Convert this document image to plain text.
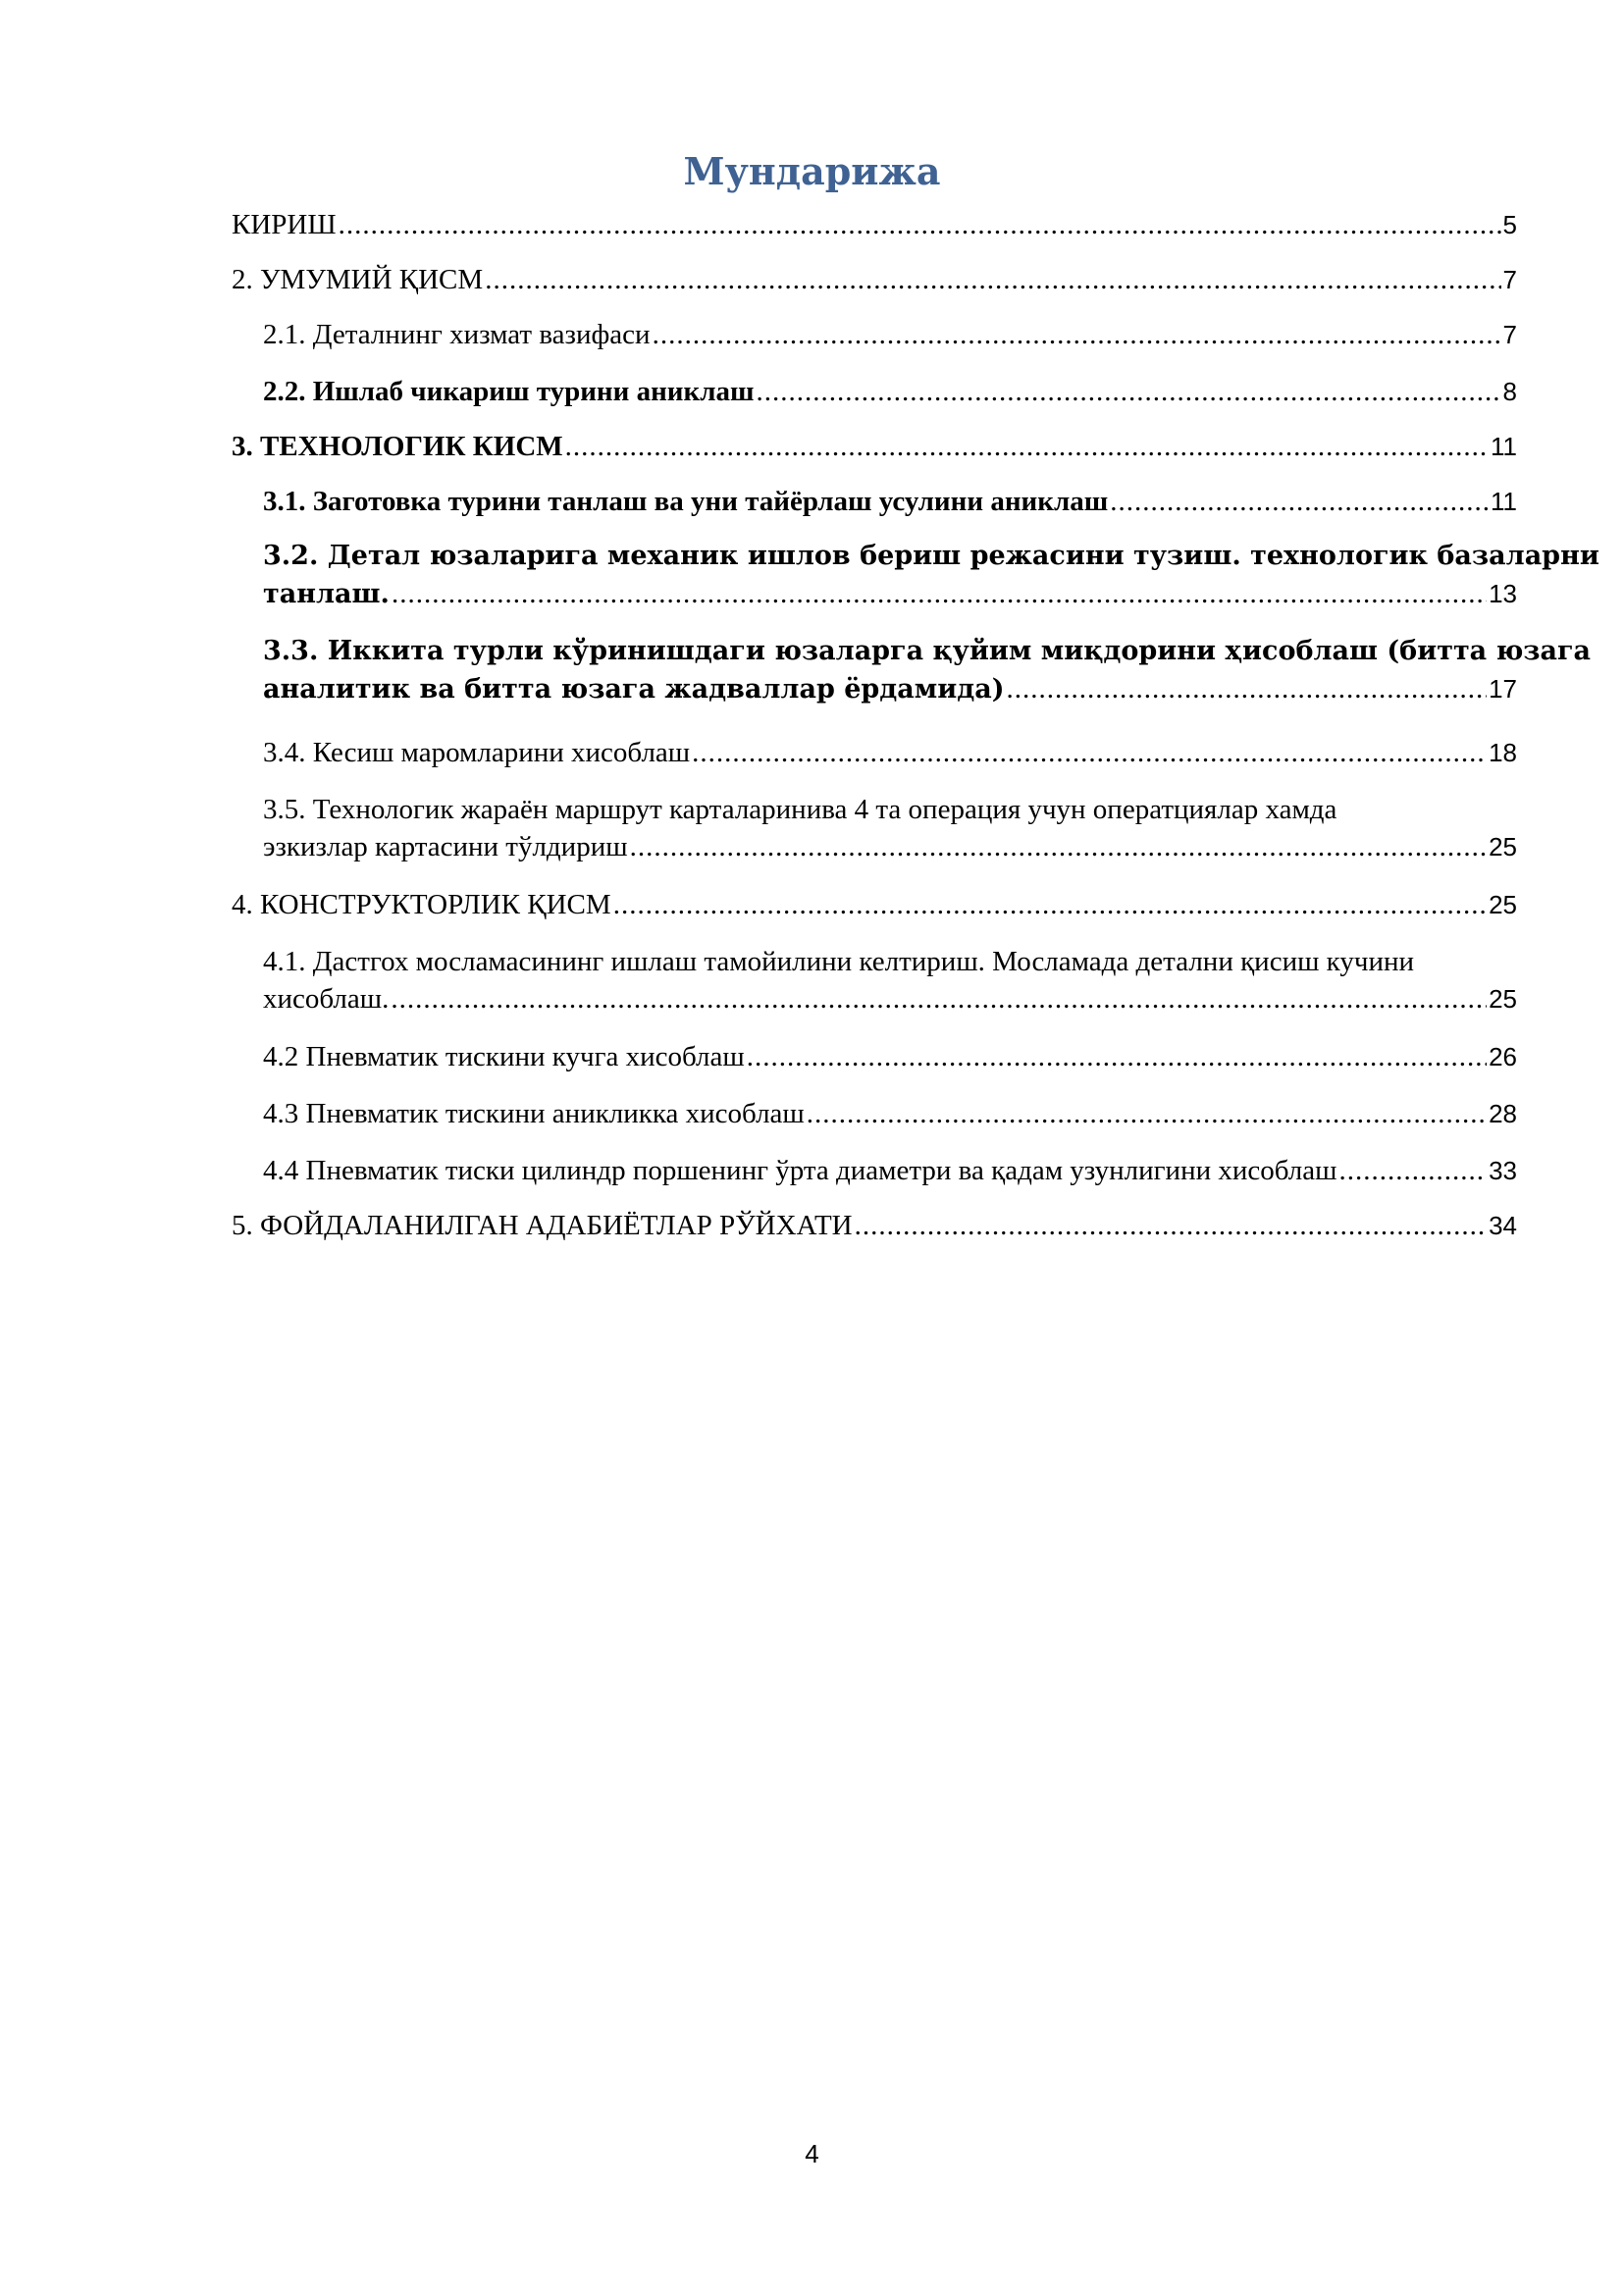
Мундарижа
КИРИШ .....	5
2. УМУМИЙ ҚИСМ .....	7
2.1. Деталнинг хизмат вазифаси .....	7
2.2. Ишлаб чикариш турини аниклаш .....	8
3. ТЕХНОЛОГИК КИСМ .....	11
3.1. Заготовка турини танлаш ва уни тайёрлаш усулини аниклаш .....	11
3.2. Детал юзаларига механик ишлов бериш режасини тузиш. технологик базаларни
танлаш. .....	13
3.3. Иккита турли кўринишдаги юзаларга қуйим миқдорини ҳисоблаш (битта юзага
аналитик ва битта юзага жадваллар ёрдамида) .....	17
3.4. Кесиш маромларини хисоблаш .....	18
3.5. Технологик жараён маршрут карталаринива 4 та операция учун оператциялар хамда
эзкизлар картасини тўлдириш .....	25
4. КОНСТРУКТОРЛИК ҚИСМ .....	25
4.1. Дастгох мосламасининг ишлаш тамойилини келтириш. Мосламада детални қисиш кучини
хисоблаш. .....	25
4.2 Пневматик тискини кучга хисоблаш .....	26
4.3 Пневматик тискини аникликка хисоблаш .....	28
4.4 Пневматик тиски цилиндр поршенинг ўрта диаметри ва қадам узунлигини хисоблаш .....	33
5. ФОЙДАЛАНИЛГАН АДАБИЁТЛАР РЎЙХАТИ .....	34
4
